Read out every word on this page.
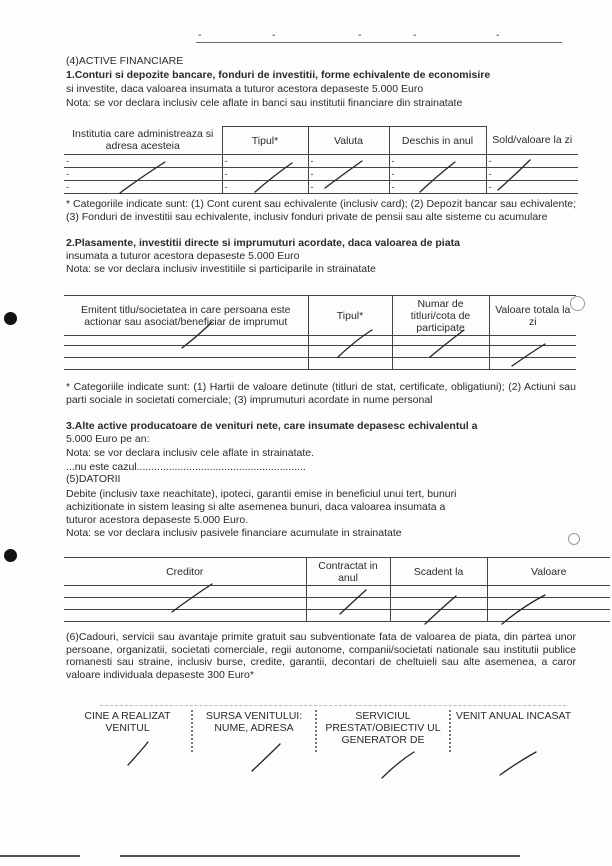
-	-	-	-	-
(4)ACTIVE FINANCIARE
1.Conturi si depozite bancare, fonduri de investitii, forme echivalente de economisire
si investite, daca valoarea insumata a tuturor acestora depaseste 5.000 Euro
Nota: se vor declara inclusiv cele aflate in banci sau institutii financiare din strainatate
Institutia care administreaza si adresa acesteia	Tipul*	Valuta	Deschis in anul	Sold/valoare la zi
-	-	-	-	-
-	-	-	-	-
-	-	-	-	-
* Categoriile indicate sunt: (1) Cont curent sau echivalente (inclusiv card); (2) Depozit bancar sau echivalente; (3) Fonduri de investitii sau echivalente, inclusiv fonduri private de pensii sau alte sisteme cu acumulare
2.Plasamente, investitii directe si imprumuturi acordate, daca valoarea de piata
insumata a tuturor acestora depaseste 5.000 Euro
Nota: se vor declara inclusiv investitiile si participarile in strainatate
Emitent titlu/societatea in care persoana este actionar sau asociat/beneficiar de imprumut	Tipul*	Numar de titluri/cota de participate	Valoare totala la zi

* Categoriile indicate sunt: (1) Hartii de valoare detinute (titluri de stat, certificate, obligatiuni); (2) Actiuni sau parti sociale in societati comerciale; (3) imprumuturi acordate in nume personal
3.Alte active producatoare de venituri nete, care insumate depasesc echivalentul a
5.000 Euro pe an:
Nota: se vor declara inclusiv cele aflate in strainatate.
...nu este cazul..........................................................
(5)DATORII
Debite (inclusiv taxe neachitate), ipoteci, garantii emise in beneficiul unui tert, bunuri
achizitionate in sistem leasing si alte asemenea bunuri, daca valoarea insumata a
tuturor acestora depaseste 5.000 Euro.
Nota: se vor declara inclusiv pasivele financiare acumulate in strainatate
Creditor	Contractat in anul	Scadent la	Valoare

(6)Cadouri, servicii sau avantaje primite gratuit sau subventionate fata de valoarea de piata, din partea unor persoane, organizatii, societati comerciale, regii autonome, companii/societati nationale sau institutii publice romanesti sau straine, inclusiv burse, credite, garantii, decontari de cheltuieli sau alte asemenea, a caror valoare individuala depaseste 300 Euro*
CINE A REALIZAT VENITUL	SURSA VENITULUI: NUME, ADRESA	SERVICIUL PRESTAT/OBIECTIV UL GENERATOR DE	VENIT ANUAL INCASAT
